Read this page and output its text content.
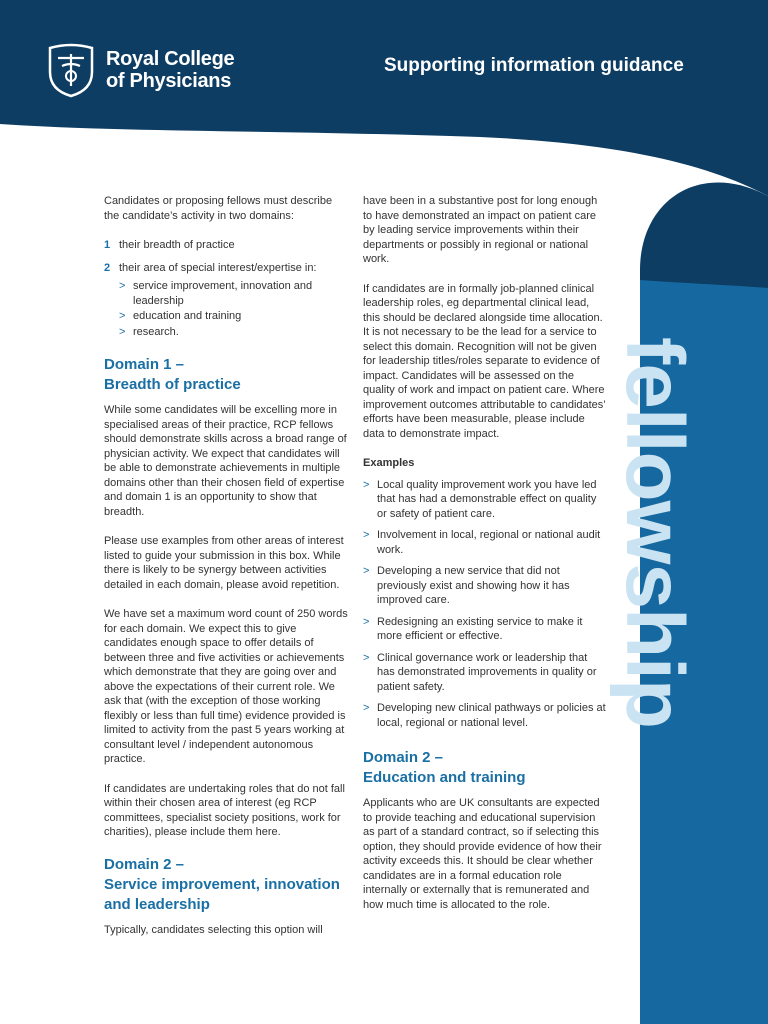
Royal College
of Physicians
Supporting information guidance
fellowship

Candidates or proposing fellows must describe the candidate’s activity in two domains:

1 their breadth of practice
2 their area of special interest/expertise in:
> service improvement, innovation and leadership
> education and training
> research.
Domain 1 –
Breadth of practice

While some candidates will be excelling more in specialised areas of their practice, RCP fellows should demonstrate skills across a broad range of physician activity. We expect that candidates will be able to demonstrate achievements in multiple domains other than their chosen field of expertise and domain 1 is an opportunity to show that breadth.

Please use examples from other areas of interest listed to guide your submission in this box. While there is likely to be synergy between activities detailed in each domain, please avoid repetition.

We have set a maximum word count of 250 words for each domain. We expect this to give candidates enough space to offer details of between three and five activities or achievements which demonstrate that they are going over and above the expectations of their current role. We ask that (with the exception of those working flexibly or less than full time) evidence provided is limited to activity from the past 5 years working at consultant level / independent autonomous practice.

If candidates are undertaking roles that do not fall within their chosen area of interest (eg RCP committees, specialist society positions, work for charities), please include them here.

Domain 2 –
Service improvement, innovation and leadership

Typically, candidates selecting this option will

have been in a substantive post for long enough to have demonstrated an impact on patient care by leading service improvements within their departments or possibly in regional or national work.

If candidates are in formally job-planned clinical leadership roles, eg departmental clinical lead, this should be declared alongside time allocation. It is not necessary to be the lead for a service to select this domain. Recognition will not be given for leadership titles/roles separate to evidence of impact. Candidates will be assessed on the quality of work and impact on patient care. Where improvement outcomes attributable to candidates’ efforts have been measurable, please include data to demonstrate impact.

Examples
> Local quality improvement work you have led that has had a demonstrable effect on quality or safety of patient care.
> Involvement in local, regional or national audit work.
> Developing a new service that did not previously exist and showing how it has improved care.
> Redesigning an existing service to make it more efficient or effective.
> Clinical governance work or leadership that has demonstrated improvements in quality or patient safety.
> Developing new clinical pathways or policies at local, regional or national level.
Domain 2 –
Education and training

Applicants who are UK consultants are expected to provide teaching and educational supervision as part of a standard contract, so if selecting this option, they should provide evidence of how their activity exceeds this. It should be clear whether candidates are in a formal education role internally or externally that is remunerated and how much time is allocated to the role.
